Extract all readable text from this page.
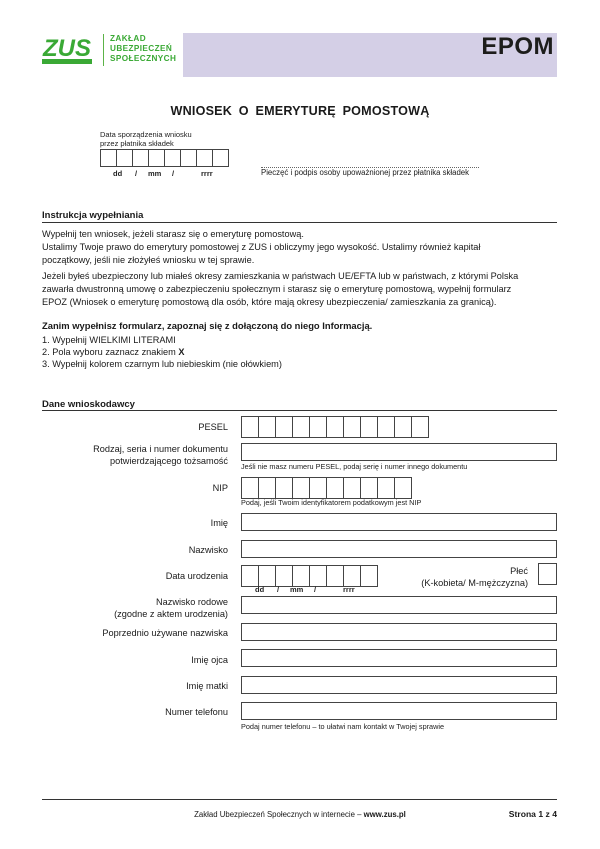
ZUS ZAKŁAD
UBEZPIECZEŃ
SPOŁECZNYCH	EPOM
WNIOSEK O EMERYTURĘ POMOSTOWĄ
Data sporządzenia wniosku
przez płatnika składek
dd / mm /	rrrr	Pieczęć i podpis osoby upoważnionej przez płatnika składek
Instrukcja wypełniania
Wypełnij ten wniosek, jeżeli starasz się o emeryturę pomostową.
Ustalimy Twoje prawo do emerytury pomostowej z ZUS i obliczymy jego wysokość. Ustalimy również kapitał
początkowy, jeśli nie złożyłeś wniosku w tej sprawie.
Jeżeli byłeś ubezpieczony lub miałeś okresy zamieszkania w państwach UE/EFTA lub w państwach, z którymi Polska
zawarła dwustronną umowę o zabezpieczeniu społecznym i starasz się o emeryturę pomostową, wypełnij formularz
EPOZ (Wniosek o emeryturę pomostową dla osób, które mają okresy ubezpieczenia/ zamieszkania za granicą).
Zanim wypełnisz formularz, zapoznaj się z dołączoną do niego Informacją.
1. Wypełnij WIELKIMI LITERAMI
2. Pola wyboru zaznacz znakiem X
3. Wypełnij kolorem czarnym lub niebieskim (nie ołówkiem)
Dane wnioskodawcy
PESEL
Rodzaj, seria i numer dokumentu
potwierdzającego tożsamość
Jeśli nie masz numeru PESEL, podaj serię i numer innego dokumentu
NIP
Podaj, jeśli Twoim identyfikatorem podatkowym jest NIP
Imię
Nazwisko
Data urodzenia
dd / mm /	rrrr
Płeć
(K-kobieta/ M-mężczyzna)
Nazwisko rodowe
(zgodne z aktem urodzenia)
Poprzednio używane nazwiska
Imię ojca
Imię matki
Numer telefonu
Podaj numer telefonu – to ułatwi nam kontakt w Twojej sprawie
Zakład Ubezpieczeń Społecznych w internecie – www.zus.pl	Strona 1 z 4
